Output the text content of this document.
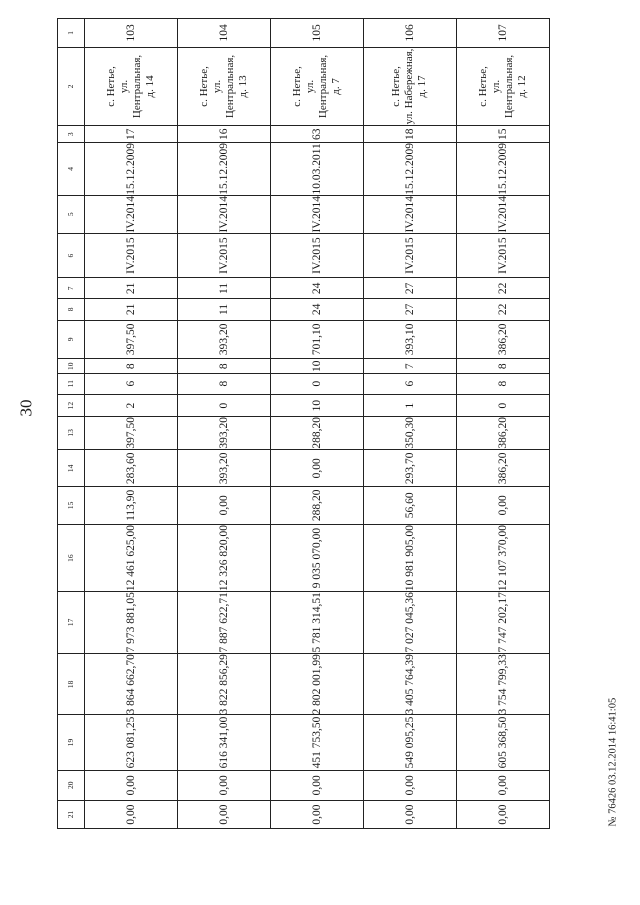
30
107	с. Нетье,
ул. Центральная,
д. 12	15	15.12.2009	IV.2014	IV.2015	22	22	386,20	8	8	0	386,20	386,20	0,00	12 107 370,00	7 747 202,17	3 754 799,33	605 368,50	0,00	0,00

106	с. Нетье,
ул. Набережная,
д. 17	18	15.12.2009	IV.2014	IV.2015	27	27	393,10	7	6	1	350,30	293,70	56,60	10 981 905,00	7 027 045,36	3 405 764,39	549 095,25	0,00	0,00

105	с. Нетье,
ул. Центральная,
д. 7	63	10.03.2011	IV.2014	IV.2015	24	24	701,10	10	0	10	288,20	0,00	288,20	9 035 070,00	5 781 314,51	2 802 001,99	451 753,50	0,00	0,00

104	с. Нетье,
ул. Центральная,
д. 13	16	15.12.2009	IV.2014	IV.2015	11	11	393,20	8	8	0	393,20	393,20	0,00	12 326 820,00	7 887 622,71	3 822 856,29	616 341,00	0,00	0,00

103	с. Нетье,
ул. Центральная,
д. 14	17	15.12.2009	IV.2014	IV.2015	21	21	397,50	8	6	2	397,50	283,60	113,90	12 461 625,00	7 973 881,05	3 864 662,70	623 081,25	0,00	0,00

1	2	3	4	5	6	7	8	9	10	11	12	13	14	15	16	17	18	19	20	21	№ 76426 03.12.2014 16:41:05
